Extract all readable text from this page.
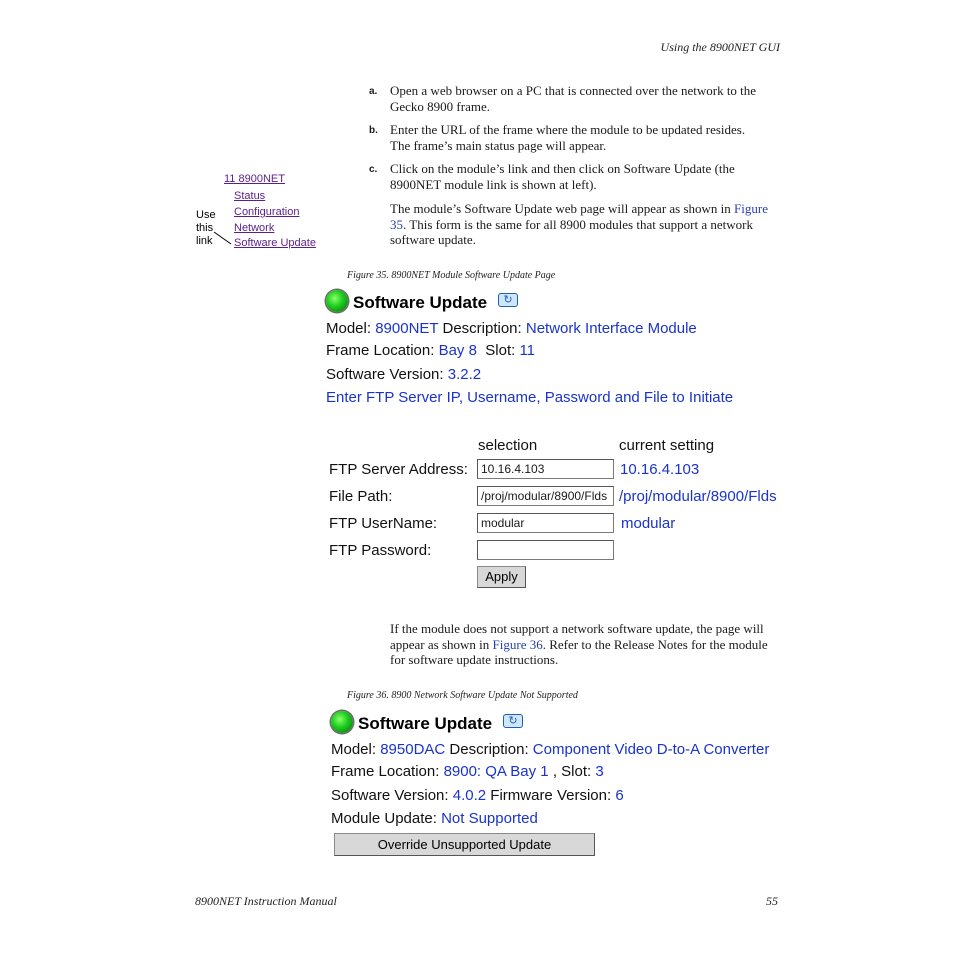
Using the 8900NET GUI
a. Open a web browser on a PC that is connected over the network to the Gecko 8900 frame.
b. Enter the URL of the frame where the module to be updated resides. The frame’s main status page will appear.
c. Click on the module’s link and then click on Software Update (the 8900NET module link is shown at left).
The module’s Software Update web page will appear as shown in Figure 35. This form is the same for all 8900 modules that support a network software update.
11 8900NET
Status
Configuration
Network
Software Update
Use this link
Figure 35. 8900NET Module Software Update Page
Software Update	↻
Model: 8900NET Description: Network Interface Module
Frame Location: Bay 8 Slot: 11
Software Version: 3.2.2
Enter FTP Server IP, Username, Password and File to Initiate
selection	current setting
FTP Server Address:	10.16.4.103	10.16.4.103
File Path:	/proj/modular/8900/Flds /proj/modular/8900/Flds
FTP UserName:	modular	modular
FTP Password:
Apply
If the module does not support a network software update, the page will appear as shown in Figure 36. Refer to the Release Notes for the module for software update instructions.
Figure 36. 8900 Network Software Update Not Supported
Software Update	↻
Model: 8950DAC Description: Component Video D-to-A Converter
Frame Location: 8900: QA Bay 1 , Slot: 3
Software Version: 4.0.2 Firmware Version: 6
Module Update: Not Supported
Override Unsupported Update
8900NET Instruction Manual	55
